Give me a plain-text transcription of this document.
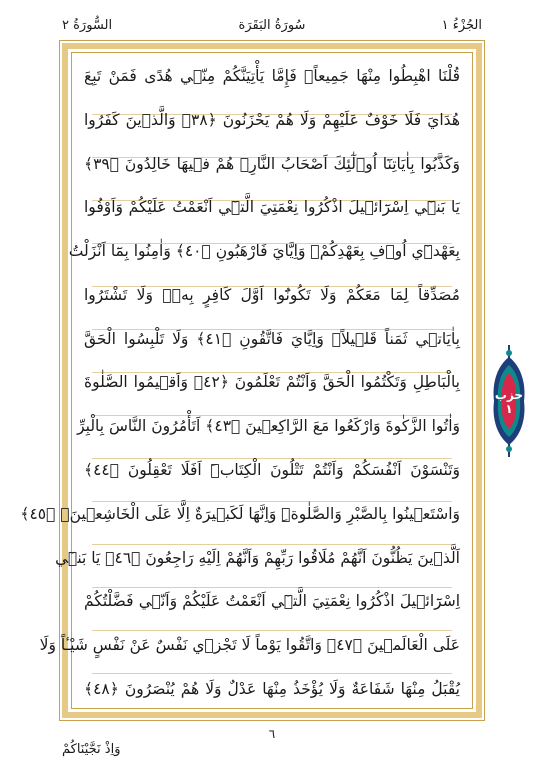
السُّورَةُ ٢	سُورَةُ البَقَرَة	الجُزْءُ ١
قُلْنَا اهْبِطُوا مِنْهَا جَمِيعاًۚ فَإِمَّا يَأْتِيَنَّكُمْ مِنّ۪ي هُدًى فَمَنْ تَبِعَ
هُدَايَ فَلَا خَوْفٌ عَلَيْهِمْ وَلَا هُمْ يَحْزَنُونَ ﴿٣٨﴾ وَالَّذ۪ينَ كَفَرُوا
وَكَذَّبُوا بِاٰيَاتِنَٓا اُو۬لٰٓئِكَ اَصْحَابُ النَّارِۚ هُمْ ف۪يهَا خَالِدُونَ ﴿٣٩﴾
يَا بَن۪ٓي اِسْرَٓائ۪يلَ اذْكُرُوا نِعْمَتِيَ الَّت۪ٓي اَنْعَمْتُ عَلَيْكُمْ وَاَوْفُوا
بِعَهْد۪ٓي اُو۫فِ بِعَهْدِكُمْۚ وَاِيَّايَ فَارْهَبُونِ ﴿٤٠﴾ وَاٰمِنُوا بِمَٓا اَنْزَلْتُ
مُصَدِّقاً لِمَا مَعَكُمْ وَلَا تَكُونُٓوا اَوَّلَ كَافِرٍ بِه۪ۖ وَلَا تَشْتَرُوا
بِاٰيَات۪ي ثَمَناً قَل۪يلاًۘ وَاِيَّايَ فَاتَّقُونِ ﴿٤١﴾ وَلَا تَلْبِسُوا الْحَقَّ
بِالْبَاطِلِ وَتَكْتُمُوا الْحَقَّ وَاَنْتُمْ تَعْلَمُونَ ﴿٤٢﴾ وَاَق۪يمُوا الصَّلٰوةَ
وَاٰتُوا الزَّكٰوةَ وَارْكَعُوا مَعَ الرَّاكِع۪ينَ ﴿٤٣﴾ اَتَأْمُرُونَ النَّاسَ بِالْبِرِّ
وَتَنْسَوْنَ اَنْفُسَكُمْ وَاَنْتُمْ تَتْلُونَ الْكِتَابَۜ اَفَلَا تَعْقِلُونَ ﴿٤٤﴾
وَاسْتَع۪ينُوا بِالصَّبْرِ وَالصَّلٰوةِۜ وَاِنَّهَا لَكَب۪يرَةٌ اِلَّا عَلَى الْخَاشِع۪ينَۙ ﴿٤٥﴾
اَلَّذ۪ينَ يَظُنُّونَ اَنَّهُمْ مُلَاقُوا رَبِّهِمْ وَاَنَّهُمْ اِلَيْهِ رَاجِعُونَ ﴿٤٦﴾ يَا بَن۪ٓي
اِسْرَٓائ۪يلَ اذْكُرُوا نِعْمَتِيَ الَّت۪ٓي اَنْعَمْتُ عَلَيْكُمْ وَاَنّ۪ي فَضَّلْتُكُمْ
عَلَى الْعَالَم۪ينَ ﴿٤٧﴾ وَاتَّقُوا يَوْماً لَا تَجْز۪ي نَفْسٌ عَنْ نَفْسٍ شَيْـٔاً وَلَا
يُقْبَلُ مِنْهَا شَفَاعَةٌ وَلَا يُؤْخَذُ مِنْهَا عَدْلٌ وَلَا هُمْ يُنْصَرُونَ ﴿٤٨﴾
حزب ١
٦
وَاِذْ نَجَّيْنَاكُمْ
